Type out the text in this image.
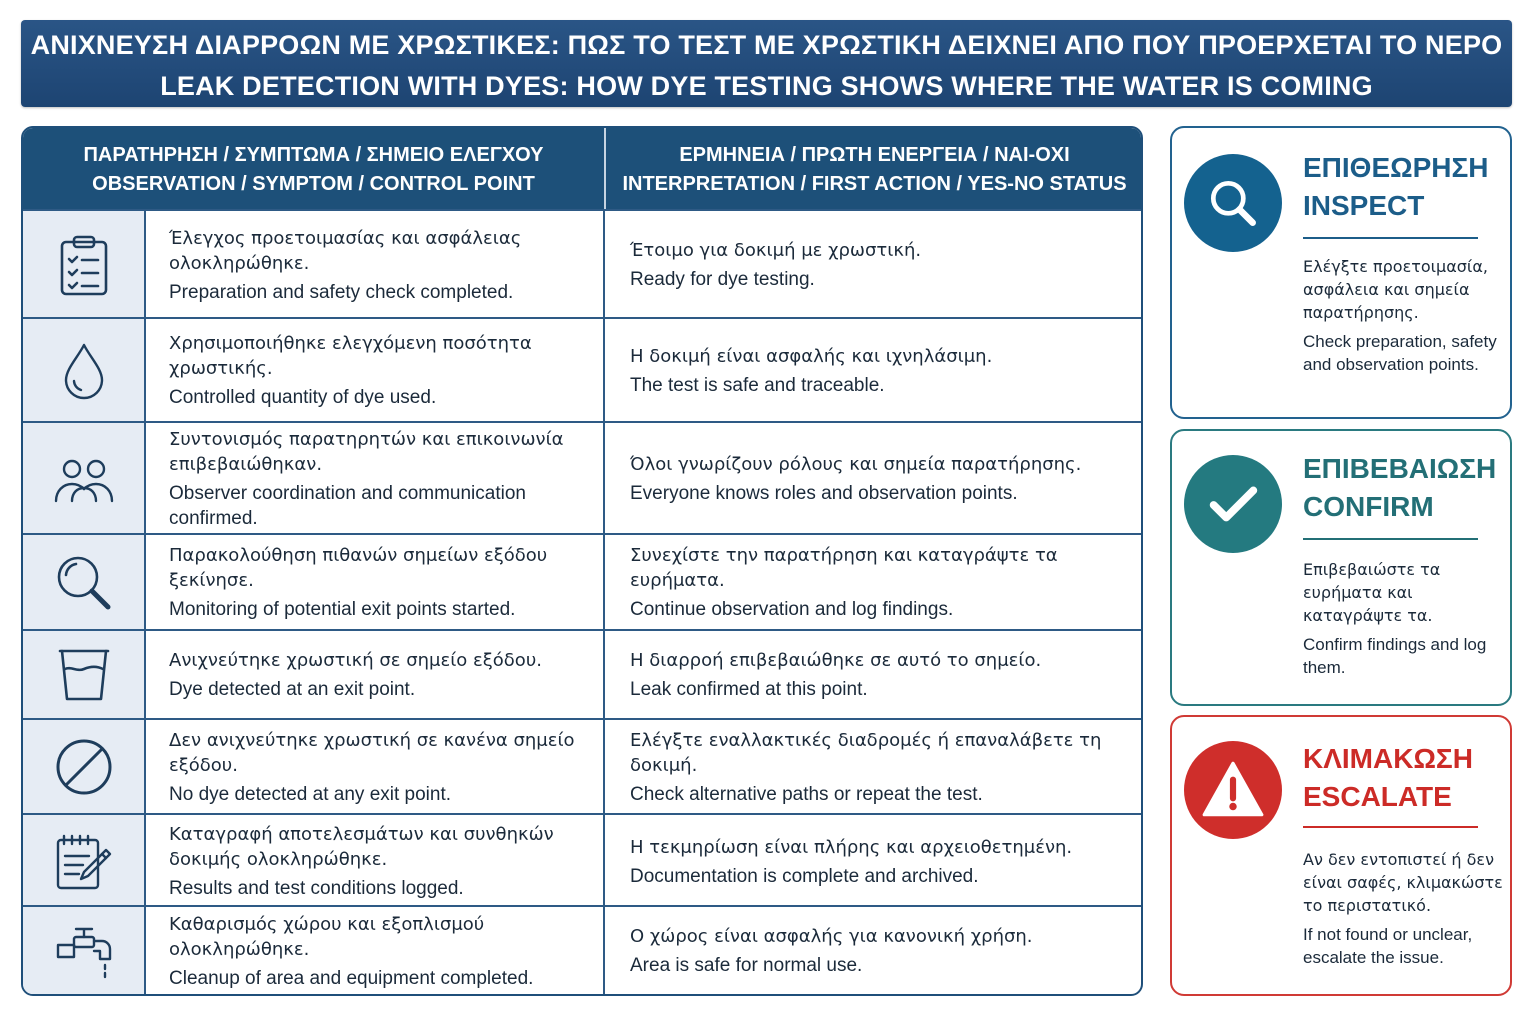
ΑΝΙΧΝΕΥΣΗ ΔΙΑΡΡΟΩΝ ΜΕ ΧΡΩΣΤΙΚΕΣ: ΠΩΣ ΤΟ ΤΕΣΤ ΜΕ ΧΡΩΣΤΙΚΗ ΔΕΙΧΝΕΙ ΑΠΟ ΠΟΥ ΠΡΟΕΡΧΕΤΑΙ ΤΟ ΝΕΡΟ
LEAK DETECTION WITH DYES: HOW DYE TESTING SHOWS WHERE THE WATER IS COMING
ΠΑΡΑΤΗΡΗΣΗ / ΣΥΜΠΤΩΜΑ / ΣΗΜΕΙΟ ΕΛΕΓΧΟΥ
OBSERVATION / SYMPTOM / CONTROL POINT
ΕΡΜΗΝΕΙΑ / ΠΡΩΤΗ ΕΝΕΡΓΕΙΑ / ΝΑΙ-ΟΧΙ
INTERPRETATION / FIRST ACTION / YES-NO STATUS
Έλεγχος προετοιμασίας και ασφάλειας ολοκληρώθηκε.
Preparation and safety check completed.
Έτοιμο για δοκιμή με χρωστική.
Ready for dye testing.
Χρησιμοποιήθηκε ελεγχόμενη ποσότητα χρωστικής.
Controlled quantity of dye used.
Η δοκιμή είναι ασφαλής και ιχνηλάσιμη.
The test is safe and traceable.
Συντονισμός παρατηρητών και επικοινωνία επιβεβαιώθηκαν.
Observer coordination and communication confirmed.
Όλοι γνωρίζουν ρόλους και σημεία παρατήρησης.
Everyone knows roles and observation points.
Παρακολούθηση πιθανών σημείων εξόδου ξεκίνησε.
Monitoring of potential exit points started.
Συνεχίστε την παρατήρηση και καταγράψτε τα ευρήματα.
Continue observation and log findings.
Ανιχνεύτηκε χρωστική σε σημείο εξόδου.
Dye detected at an exit point.
Η διαρροή επιβεβαιώθηκε σε αυτό το σημείο.
Leak confirmed at this point.
Δεν ανιχνεύτηκε χρωστική σε κανένα σημείο εξόδου.
No dye detected at any exit point.
Ελέγξτε εναλλακτικές διαδρομές ή επαναλάβετε τη δοκιμή.
Check alternative paths or repeat the test.
Καταγραφή αποτελεσμάτων και συνθηκών δοκιμής ολοκληρώθηκε.
Results and test conditions logged.
Η τεκμηρίωση είναι πλήρης και αρχειοθετημένη.
Documentation is complete and archived.
Καθαρισμός χώρου και εξοπλισμού ολοκληρώθηκε.
Cleanup of area and equipment completed.
Ο χώρος είναι ασφαλής για κανονική χρήση.
Area is safe for normal use.
ΕΠΙΘΕΩΡΗΣΗ
INSPECT
Ελέγξτε προετοιμασία, ασφάλεια και σημεία παρατήρησης.
Check preparation, safety and observation points.
ΕΠΙΒΕΒΑΙΩΣΗ
CONFIRM
Επιβεβαιώστε τα ευρήματα και καταγράψτε τα.
Confirm findings and log them.
ΚΛΙΜΑΚΩΣΗ
ESCALATE
Αν δεν εντοπιστεί ή δεν είναι σαφές, κλιμακώστε το περιστατικό.
If not found or unclear, escalate the issue.
